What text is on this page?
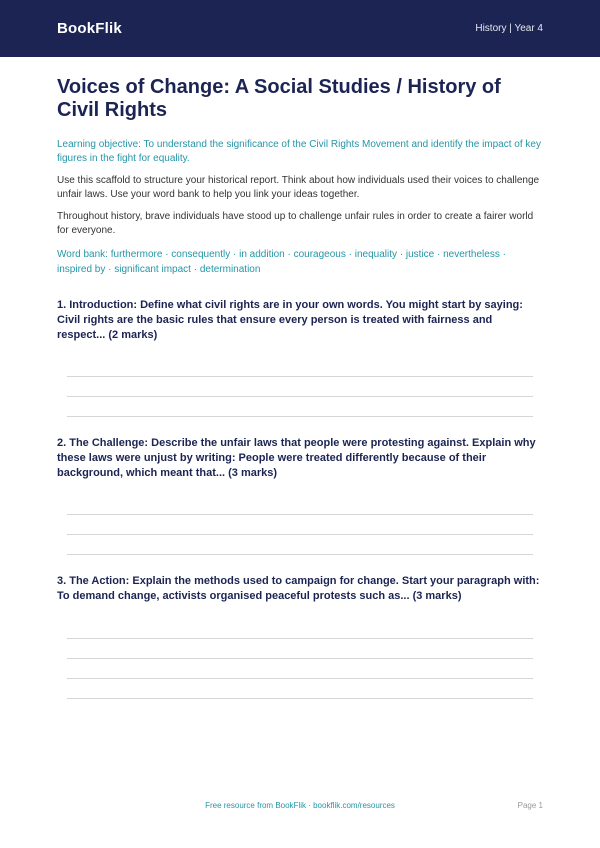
BookFlik	History | Year 4
Voices of Change: A Social Studies / History of Civil Rights

Learning objective: To understand the significance of the Civil Rights Movement and identify the impact of key figures in the fight for equality.

Use this scaffold to structure your historical report. Think about how individuals used their voices to challenge unfair laws. Use your word bank to help you link your ideas together.

Throughout history, brave individuals have stood up to challenge unfair rules in order to create a fairer world for everyone.

Word bank: furthermore · consequently · in addition · courageous · inequality · justice · nevertheless · inspired by · significant impact · determination

1. Introduction: Define what civil rights are in your own words. You might start by saying: Civil rights are the basic rules that ensure every person is treated with fairness and respect... (2 marks)

2. The Challenge: Describe the unfair laws that people were protesting against. Explain why these laws were unjust by writing: People were treated differently because of their background, which meant that... (3 marks)

3. The Action: Explain the methods used to campaign for change. Start your paragraph with: To demand change, activists organised peaceful protests such as... (3 marks)

Free resource from BookFlik · bookflik.com/resources	Page 1
